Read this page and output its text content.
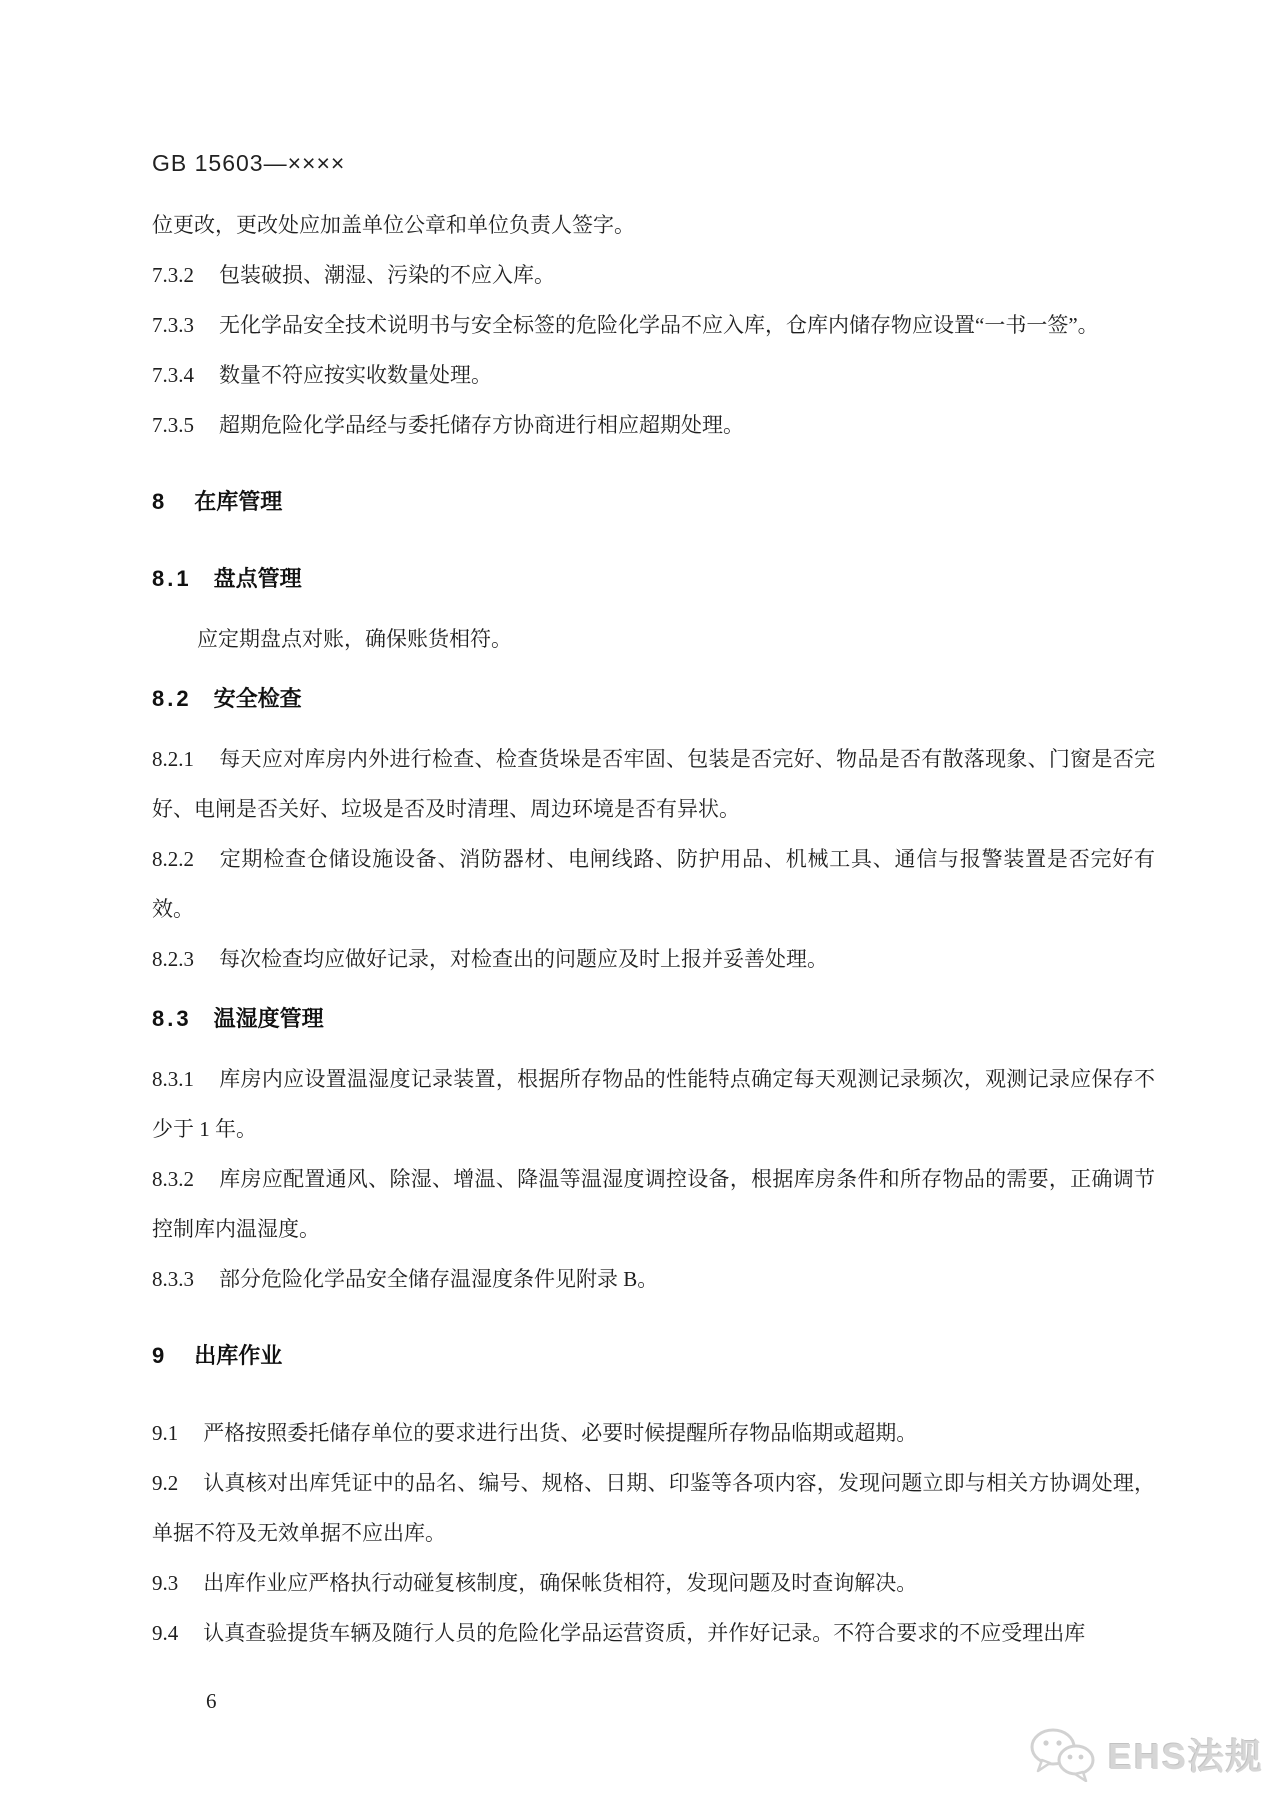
GB 15603—××××

位更改，更改处应加盖单位公章和单位负责人签字。

7.3.2 包装破损、潮湿、污染的不应入库。

7.3.3 无化学品安全技术说明书与安全标签的危险化学品不应入库，仓库内储存物应设置“一书一签”。

7.3.4 数量不符应按实收数量处理。

7.3.5 超期危险化学品经与委托储存方协商进行相应超期处理。

8 在库管理

8.1 盘点管理

应定期盘点对账，确保账货相符。

8.2 安全检查

8.2.1 每天应对库房内外进行检查、检查货垛是否牢固、包装是否完好、物品是否有散落现象、门窗是否完好、电闸是否关好、垃圾是否及时清理、周边环境是否有异状。

8.2.2 定期检查仓储设施设备、消防器材、电闸线路、防护用品、机械工具、通信与报警装置是否完好有效。

8.2.3 每次检查均应做好记录，对检查出的问题应及时上报并妥善处理。

8.3 温湿度管理

8.3.1 库房内应设置温湿度记录装置，根据所存物品的性能特点确定每天观测记录频次，观测记录应保存不少于 1 年。

8.3.2 库房应配置通风、除湿、增温、降温等温湿度调控设备，根据库房条件和所存物品的需要，正确调节控制库内温湿度。

8.3.3 部分危险化学品安全储存温湿度条件见附录 B。

9 出库作业

9.1 严格按照委托储存单位的要求进行出货、必要时候提醒所存物品临期或超期。

9.2 认真核对出库凭证中的品名、编号、规格、日期、印鉴等各项内容，发现问题立即与相关方协调处理，单据不符及无效单据不应出库。

9.3 出库作业应严格执行动碰复核制度，确保帐货相符，发现问题及时查询解决。

9.4 认真查验提货车辆及随行人员的危险化学品运营资质，并作好记录。不符合要求的不应受理出库

6
EHS法规
